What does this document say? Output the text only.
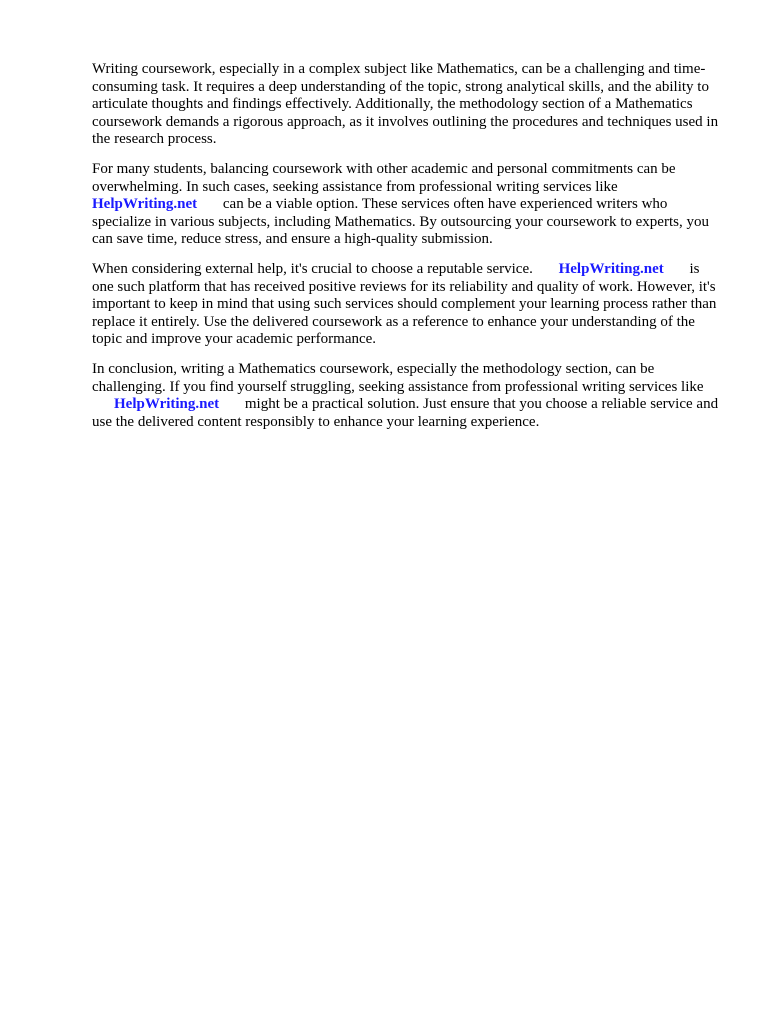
Writing coursework, especially in a complex subject like Mathematics, can be a challenging and time-consuming task. It requires a deep understanding of the topic, strong analytical skills, and the ability to articulate thoughts and findings effectively. Additionally, the methodology section of a Mathematics coursework demands a rigorous approach, as it involves outlining the procedures and techniques used in the research process.

For many students, balancing coursework with other academic and personal commitments can be overwhelming. In such cases, seeking assistance from professional writing services like
HelpWriting.net can be a viable option. These services often have experienced writers who specialize in various subjects, including Mathematics. By outsourcing your coursework to experts, you can save time, reduce stress, and ensure a high-quality submission.

When considering external help, it's crucial to choose a reputable service. HelpWriting.net is one such platform that has received positive reviews for its reliability and quality of work. However, it's important to keep in mind that using such services should complement your learning process rather than replace it entirely. Use the delivered coursework as a reference to enhance your understanding of the topic and improve your academic performance.

In conclusion, writing a Mathematics coursework, especially the methodology section, can be challenging. If you find yourself struggling, seeking assistance from professional writing services like HelpWriting.net might be a practical solution. Just ensure that you choose a reliable service and use the delivered content responsibly to enhance your learning experience.
